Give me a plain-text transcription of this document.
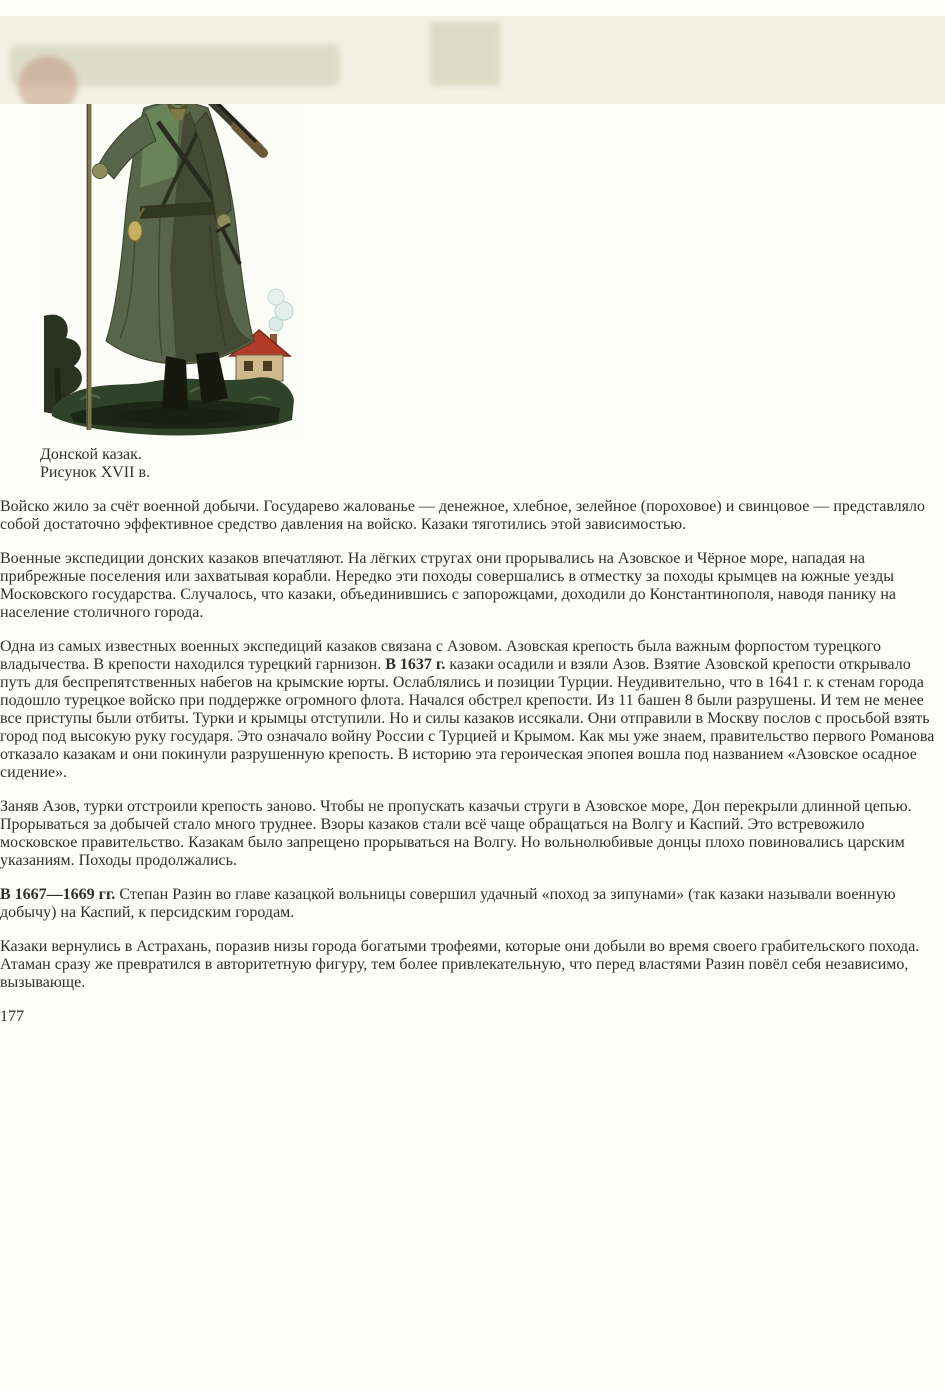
Донской казак.
Рисунок XVII в.

Войско жило за счёт военной добычи. Государево жалованье — денежное, хлебное, зелейное (пороховое) и свинцовое — представляло собой достаточно эффективное средство давления на войско. Казаки тяготились этой зависимостью.

Военные экспедиции донских казаков впечатляют. На лёгких стругах они прорывались на Азовское и Чёрное море, нападая на прибрежные поселения или захватывая корабли. Нередко эти походы совершались в отместку за походы крымцев на южные уезды Московского государства. Случалось, что казаки, объединившись с запорожцами, доходили до Константинополя, наводя панику на население столичного города.

Одна из самых известных военных экспедиций казаков связана с Азовом. Азовская крепость была важным форпостом турецкого владычества. В крепости находился турецкий гарнизон. В 1637 г. казаки осадили и взяли Азов. Взятие Азовской крепости открывало путь для беспрепятственных набегов на крымские юрты. Ослаблялись и позиции Турции. Неудивительно, что в 1641 г. к стенам города подошло турецкое войско при поддержке огромного флота. Начался обстрел крепости. Из 11 башен 8 были разрушены. И тем не менее все приступы были отбиты. Турки и крымцы отступили. Но и силы казаков иссякали. Они отправили в Москву послов с просьбой взять город под высокую руку государя. Это означало войну России с Турцией и Крымом. Как мы уже знаем, правительство первого Романова отказало казакам и они покинули разрушенную крепость. В историю эта героическая эпопея вошла под названием «Азовское осадное сидение».

Заняв Азов, турки отстроили крепость заново. Чтобы не пропускать казачьи струги в Азовское море, Дон перекрыли длинной цепью. Прорываться за добычей стало много труднее. Взоры казаков стали всё чаще обращаться на Волгу и Каспий. Это встревожило московское правительство. Казакам было запрещено прорываться на Волгу. Но вольнолюбивые донцы плохо повиновались царским указаниям. Походы продолжались.

В 1667—1669 гг. Степан Разин во главе казацкой вольницы совершил удачный «поход за зипунами» (так казаки называли военную добычу) на Каспий, к персидским городам.

Казаки вернулись в Астрахань, поразив низы города богатыми трофеями, которые они добыли во время своего грабительского похода. Атаман сразу же превратился в авторитетную фигуру, тем более привлекательную, что перед властями Разин повёл себя независимо, вызывающе.

177
